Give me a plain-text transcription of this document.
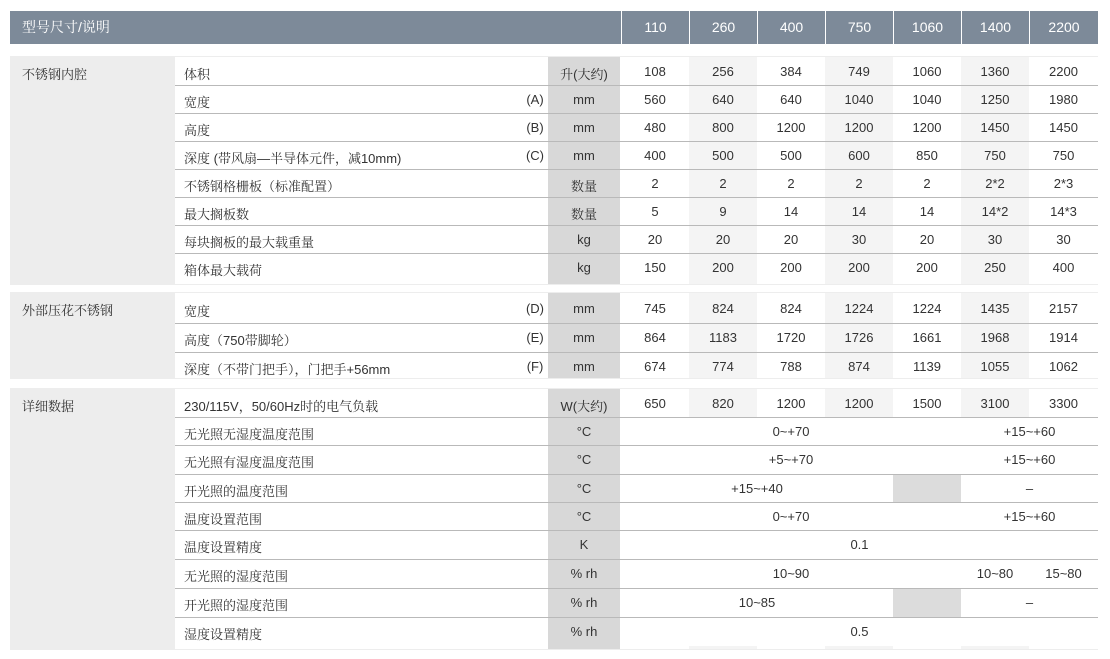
型号尺寸/说明	110	260	400	750	1060	1400	2200
不锈钢内腔	体积	升(大约)	108	256	384	749	1060	1360	2200
宽度	(A)	mm	560	640	640	1040	1040	1250	1980
高度	(B)	mm	480	800	1200	1200	1200	1450	1450
深度 (带风扇—半导体元件，减10mm)	(C)	mm	400	500	500	600	850	750	750
不锈钢格栅板（标准配置）	数量	2	2	2	2	2	2*2	2*3
最大搁板数	数量	5	9	14	14	14	14*2	14*3
每块搁板的最大载重量	kg	20	20	20	30	20	30	30
箱体最大载荷	kg	150	200	200	200	200	250	400
外部压花不锈钢	宽度	(D)	mm	745	824	824	1224	1224	1435	2157
高度（750带脚轮）	(E)	mm	864	1183	1720	1726	1661	1968	1914
深度（不带门把手），门把手+56mm	(F)	mm	674	774	788	874	1139	1055	1062
详细数据	230/115V，50/60Hz时的电气负载	W(大约)	650	820	1200	1200	1500	3100	3300
无光照无湿度温度范围	°C	0~+70	+15~+60
无光照有湿度温度范围	°C	+5~+70	+15~+60
开光照的温度范围	°C	+15~+40	–
温度设置范围	°C	0~+70	+15~+60
温度设置精度	K	0.1
无光照的湿度范围	% rh	10~90	10~80	15~80
开光照的湿度范围	% rh	10~85	–
湿度设置精度	% rh	0.5
